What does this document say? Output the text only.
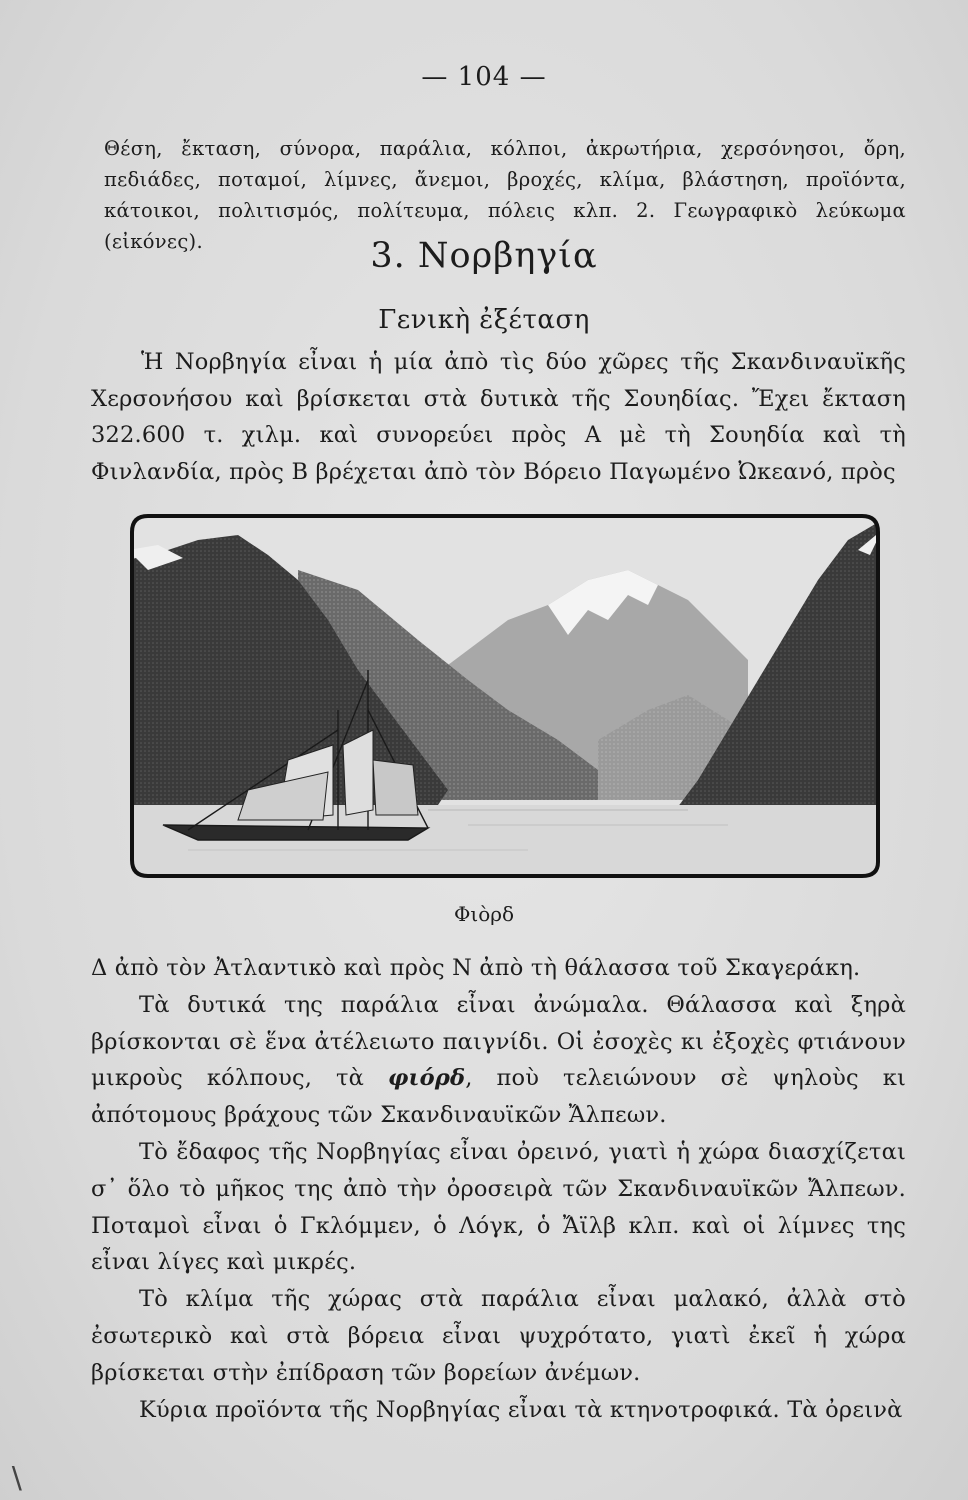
— 104 —

Θέση, ἔκταση, σύνορα, παράλια, κόλποι, ἀκρωτήρια, χερσόνησοι, ὄρη, πεδιάδες, ποταμοί, λίμνες, ἄνεμοι, βροχές, κλίμα, βλάστηση, προϊόντα, κάτοικοι, πολιτισμός, πολίτευμα, πόλεις κλπ. 2. Γεωγραφικὸ λεύκωμα (εἰκόνες).	3. Νορβηγία
Γενικὴ ἐξέταση

Ἡ Νορβηγία εἶναι ἡ μία ἀπὸ τὶς δύο χῶρες τῆς Σκανδιναυϊκῆς Χερσονήσου καὶ βρίσκεται στὰ δυτικὰ τῆς Σουηδίας. Ἔχει ἔκταση 322.600 τ. χιλμ. καὶ συνορεύει πρὸς Α μὲ τὴ Σουηδία καὶ τὴ Φινλανδία, πρὸς Β βρέχεται ἀπὸ τὸν Βόρειο Παγωμένο Ὠκεανό, πρὸς

Φιὸρδ

Δ ἀπὸ τὸν Ἀτλαντικὸ καὶ πρὸς Ν ἀπὸ τὴ θάλασσα τοῦ Σκαγεράκη.

Τὰ δυτικά της παράλια εἶναι ἀνώμαλα. Θάλασσα καὶ ξηρὰ βρίσκονται σὲ ἕνα ἀτέλειωτο παιγνίδι. Οἱ ἐσοχὲς κι ἐξοχὲς φτιάνουν μικροὺς κόλπους, τὰ φιόρδ, ποὺ τελειώνουν σὲ ψηλοὺς κι ἀπότομους βράχους τῶν Σκανδιναυϊκῶν Ἄλπεων.

Τὸ ἔδαφος τῆς Νορβηγίας εἶναι ὀρεινό, γιατὶ ἡ χώρα διασχίζεται σ᾽ ὅλο τὸ μῆκος της ἀπὸ τὴν ὀροσειρὰ τῶν Σκανδιναυϊκῶν Ἄλπεων. Ποταμοὶ εἶναι ὁ Γκλόμμεν, ὁ Λόγκ, ὁ Ἄϊλβ κλπ. καὶ οἱ λίμνες της εἶναι λίγες καὶ μικρές.

Τὸ κλίμα τῆς χώρας στὰ παράλια εἶναι μαλακό, ἀλλὰ στὸ ἐσωτερικὸ καὶ στὰ βόρεια εἶναι ψυχρότατο, γιατὶ ἐκεῖ ἡ χώρα βρίσκεται στὴν ἐπίδραση τῶν βορείων ἀνέμων.

Κύρια προϊόντα τῆς Νορβηγίας εἶναι τὰ κτηνοτροφικά. Τὰ ὀρεινὰ

∖
